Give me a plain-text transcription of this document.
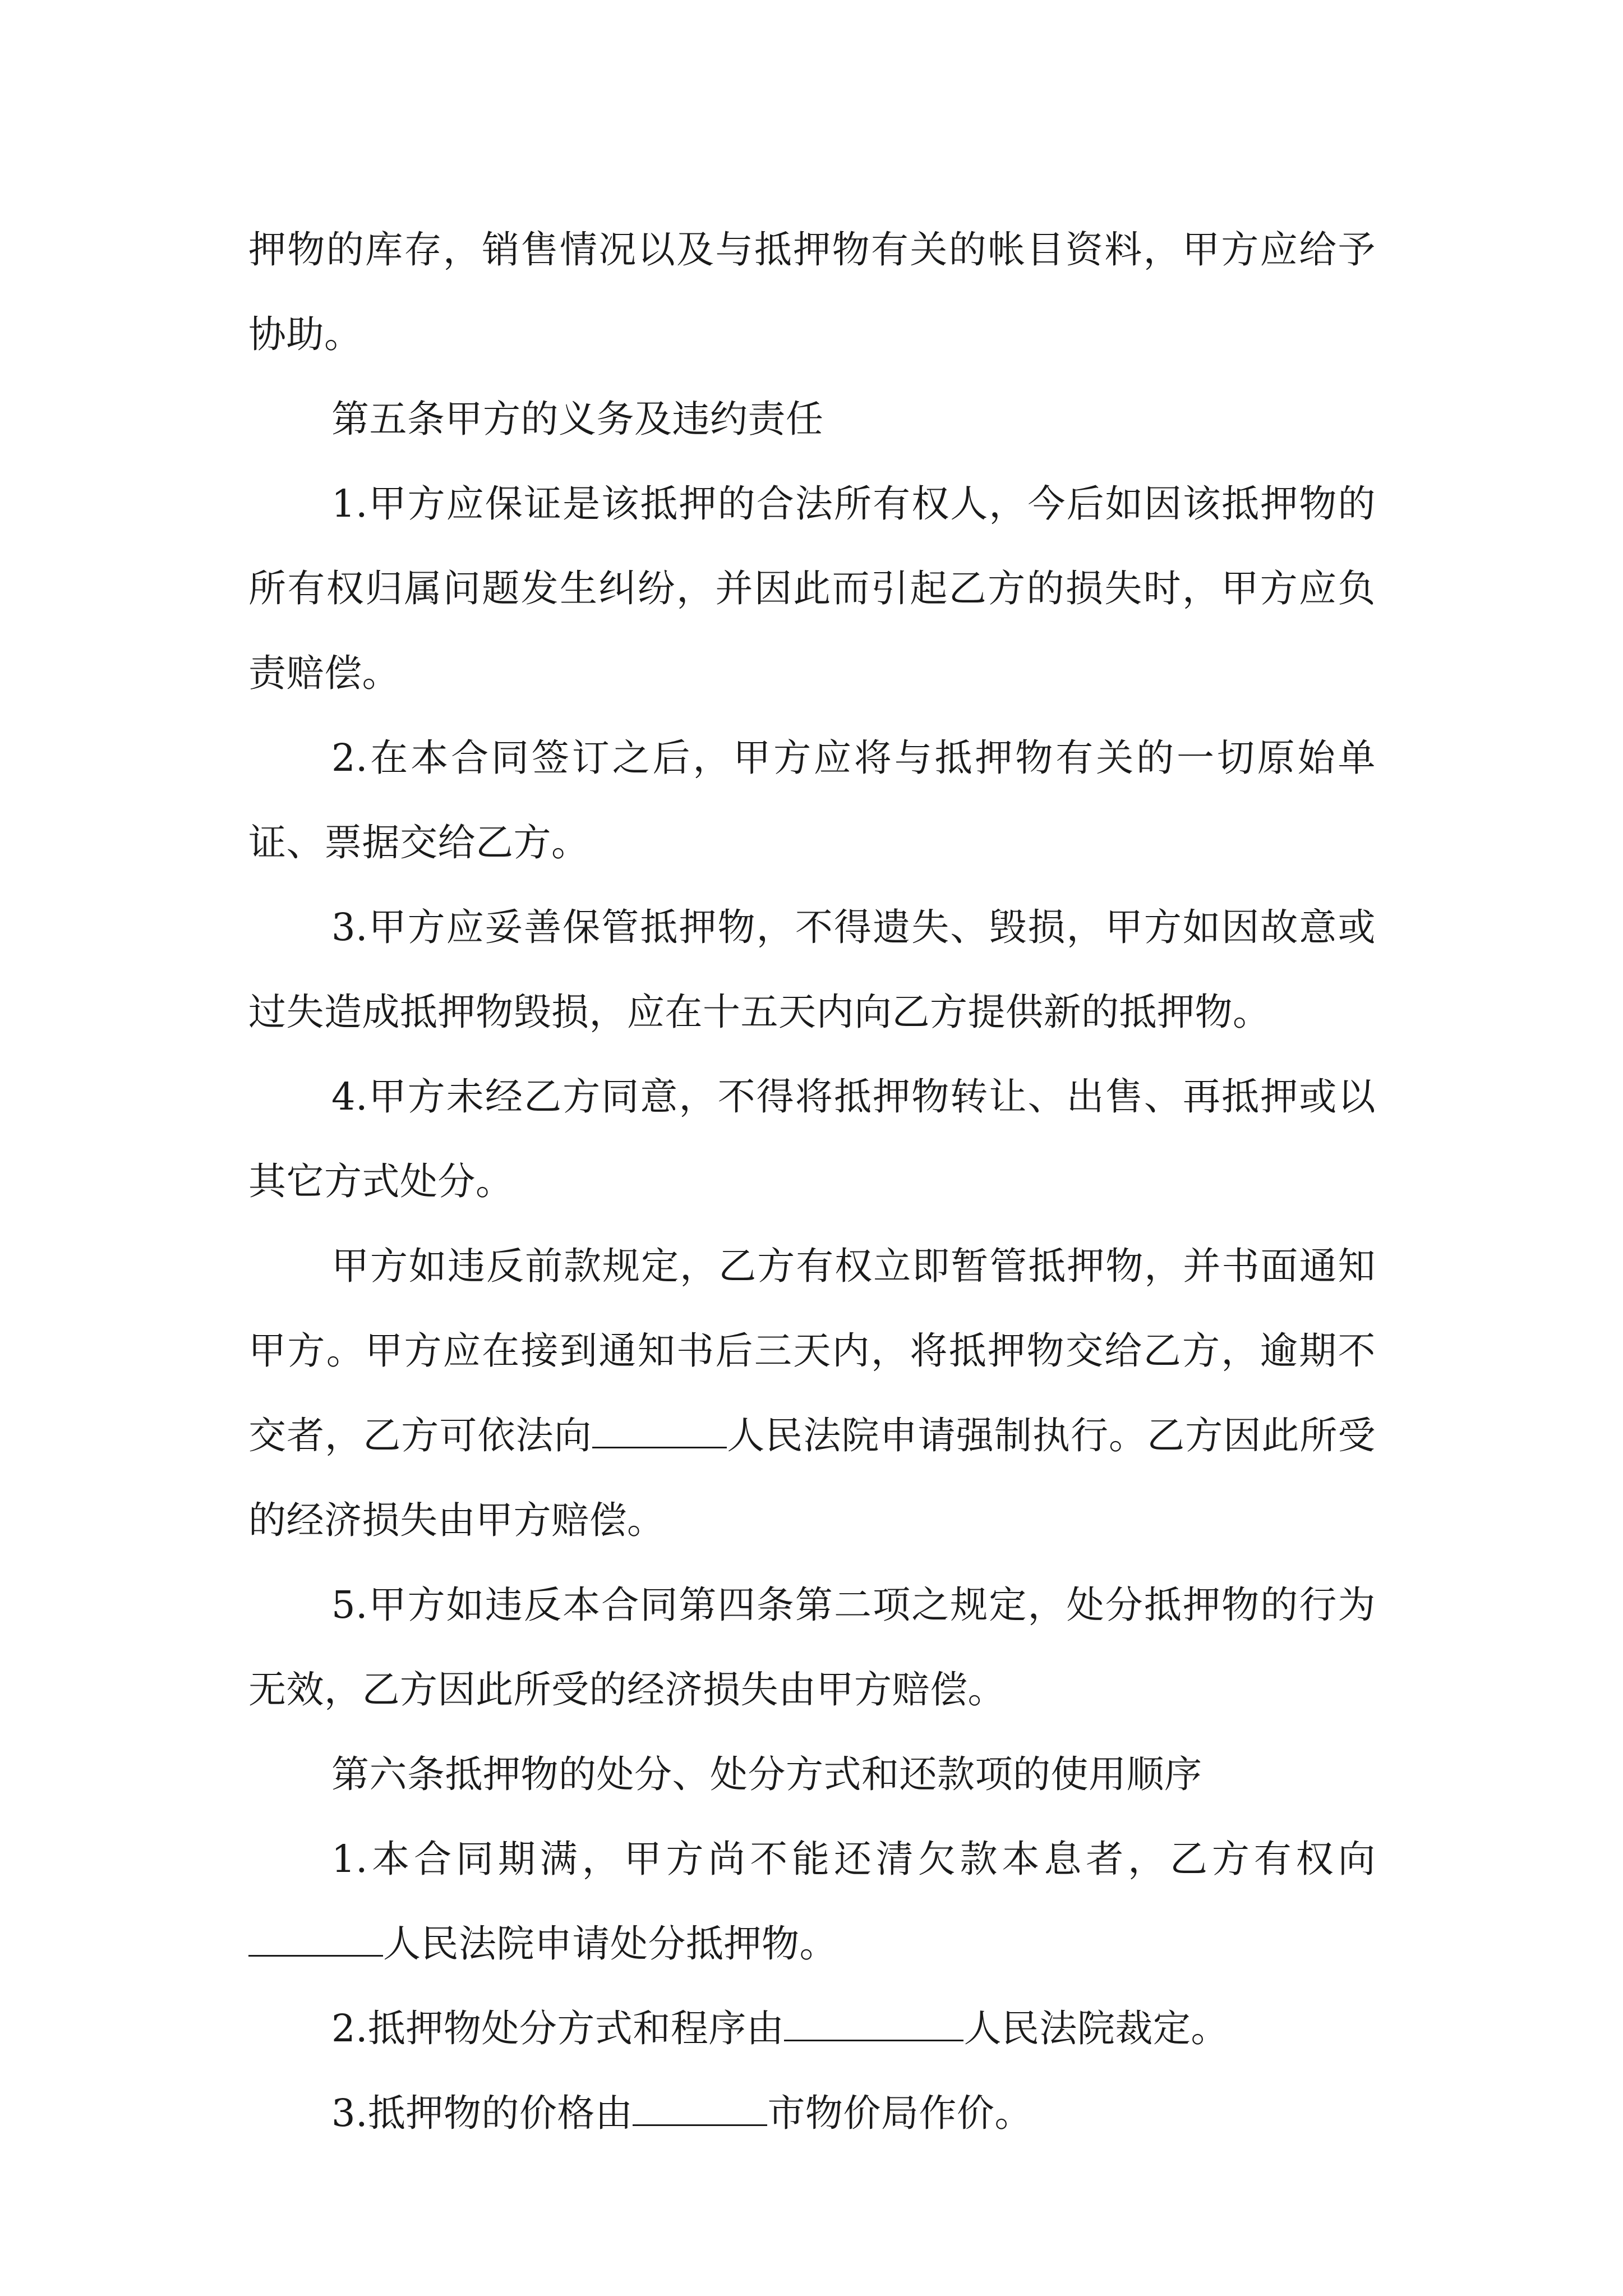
押物的库存，销售情况以及与抵押物有关的帐目资料，甲方应给予协助。

第五条甲方的义务及违约责任

1.甲方应保证是该抵押的合法所有权人，今后如因该抵押物的所有权归属问题发生纠纷，并因此而引起乙方的损失时，甲方应负责赔偿。

2.在本合同签订之后，甲方应将与抵押物有关的一切原始单证、票据交给乙方。

3.甲方应妥善保管抵押物，不得遗失、毁损，甲方如因故意或过失造成抵押物毁损，应在十五天内向乙方提供新的抵押物。

4.甲方未经乙方同意，不得将抵押物转让、出售、再抵押或以其它方式处分。

甲方如违反前款规定，乙方有权立即暂管抵押物，并书面通知甲方。甲方应在接到通知书后三天内，将抵押物交给乙方，逾期不交者，乙方可依法向	人民法院申请强制执行。乙方因此所受的经济损失由甲方赔偿。

5.甲方如违反本合同第四条第二项之规定，处分抵押物的行为无效，乙方因此所受的经济损失由甲方赔偿。

第六条抵押物的处分、处分方式和还款项的使用顺序

1.本合同期满，甲方尚不能还清欠款本息者，乙方有权向人民法院申请处分抵押物。

2.抵押物处分方式和程序由	人民法院裁定。

3.抵押物的价格由	市物价局作价。
